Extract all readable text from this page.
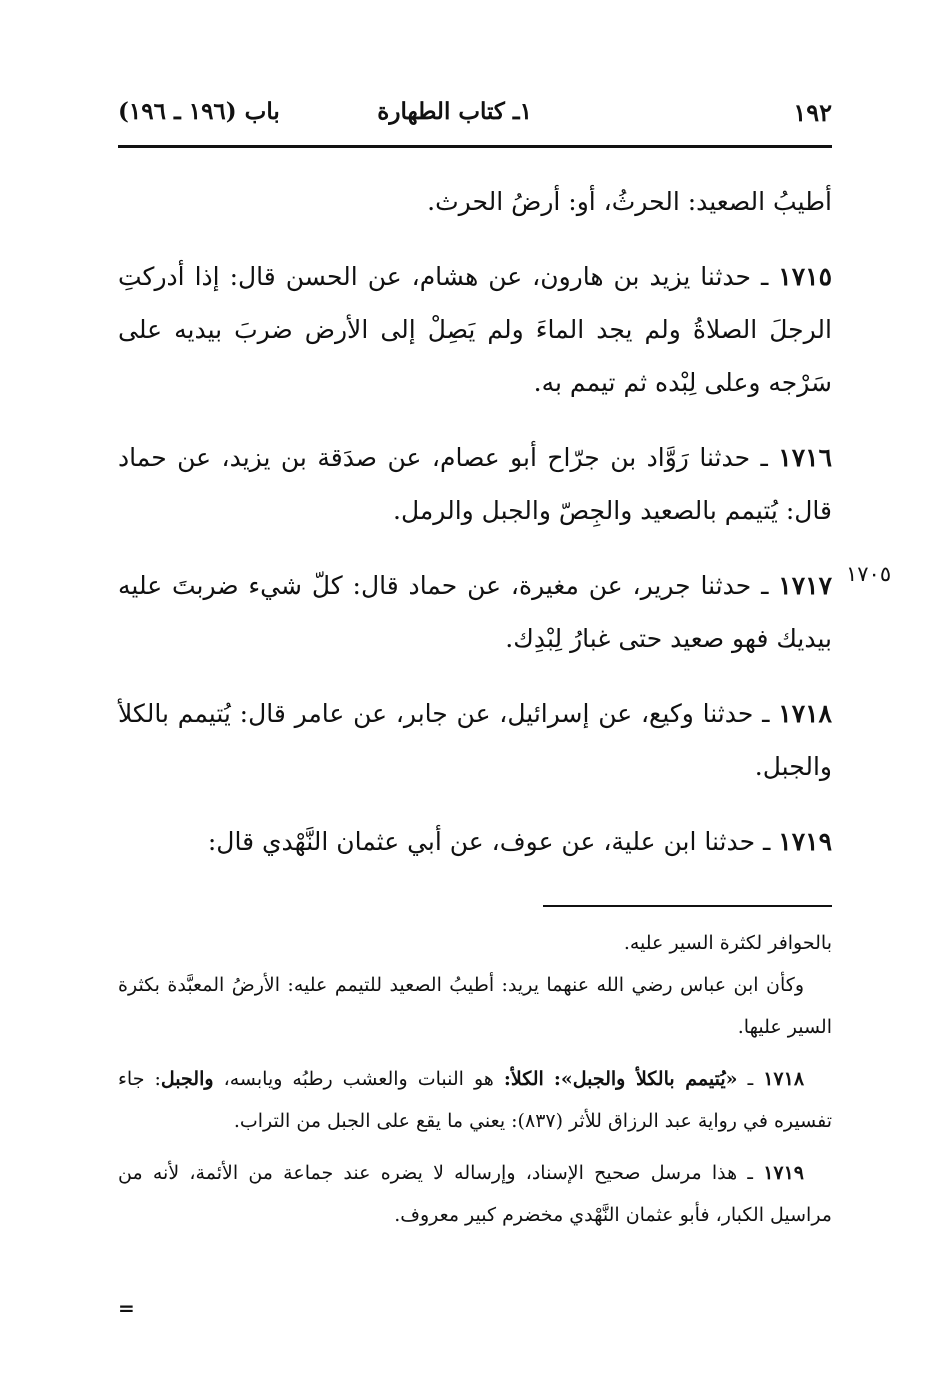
١٩٢
١ـ كتاب الطهارة
باب (١٩٦ ـ ١٩٦)

أطيبُ الصعيد: الحرثُ، أو: أرضُ الحرث.

١٧١٥ ـ حدثنا يزيد بن هارون، عن هشام، عن الحسن قال: إذا أدركتِ الرجلَ الصلاةُ ولم يجد الماءَ ولم يَصِلْ إلى الأرض ضربَ بيديه على سَرْجه وعلى لِبْده ثم تيمم به.

١٧١٦ ـ حدثنا رَوَّاد بن جرّاح أبو عصام، عن صدَقة بن يزيد، عن حماد قال: يُتيمم بالصعيد والجِصّ والجبل والرمل.

١٧١٧ ـ حدثنا جرير، عن مغيرة، عن حماد قال: كلّ شيء ضربتَ عليه بيديك فهو صعيد حتى غبارُ لِبْدِك.

١٧١٨ ـ حدثنا وكيع، عن إسرائيل، عن جابر، عن عامر قال: يُتيمم بالكلأ والجبل.

١٧١٩ ـ حدثنا ابن علية، عن عوف، عن أبي عثمان النَّهْدي قال:

١٧٠٥

بالحوافر لكثرة السير عليه.

وكأن ابن عباس رضي الله عنهما يريد: أطيبُ الصعيد للتيمم عليه: الأرضُ المعبَّدة بكثرة السير عليها.

١٧١٨ ـ «يُتيمم بالكلأ والجبل»: الكلأ: هو النبات والعشب رطبُه ويابسه، والجبل: جاء تفسيره في رواية عبد الرزاق للأثر (٨٣٧): يعني ما يقع على الجبل من التراب.

١٧١٩ ـ هذا مرسل صحيح الإسناد، وإرساله لا يضره عند جماعة من الأئمة، لأنه من مراسيل الكبار، فأبو عثمان النَّهْدي مخضرم كبير معروف.

=
